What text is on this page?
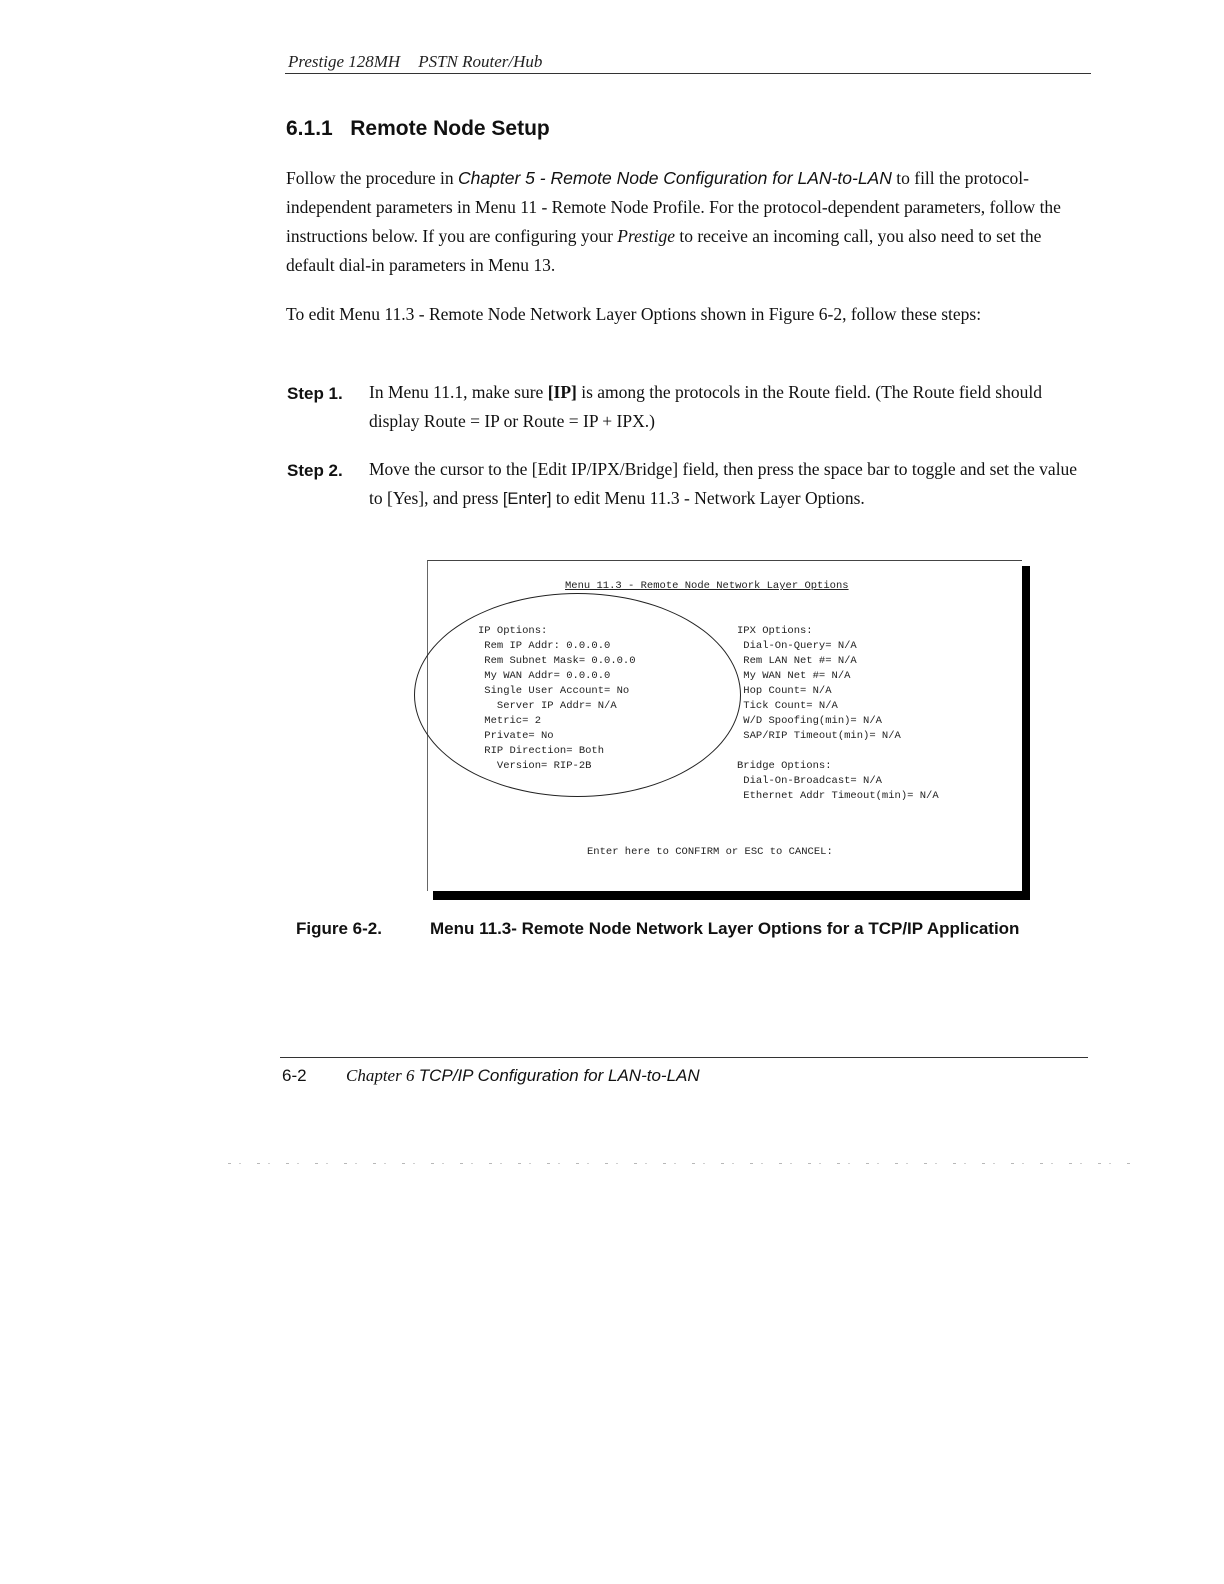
Prestige 128MH PSTN Router/Hub
6.1.1 Remote Node Setup
Follow the procedure in Chapter 5 - Remote Node Configuration for LAN-to-LAN to fill the protocol-independent parameters in Menu 11 - Remote Node Profile. For the protocol-dependent parameters, follow the instructions below. If you are configuring your Prestige to receive an incoming call, you also need to set the default dial-in parameters in Menu 13.
To edit Menu 11.3 - Remote Node Network Layer Options shown in Figure 6-2, follow these steps:
Step 1. In Menu 11.1, make sure [IP] is among the protocols in the Route field. (The Route field should display Route = IP or Route = IP + IPX.)
Step 2. Move the cursor to the [Edit IP/IPX/Bridge] field, then press the space bar to toggle and set the value to [Yes], and press [Enter] to edit Menu 11.3 - Network Layer Options.
Menu 11.3 - Remote Node Network Layer Options
IP Options:
Rem IP Addr: 0.0.0.0
Rem Subnet Mask= 0.0.0.0
My WAN Addr= 0.0.0.0
Single User Account= No
Server IP Addr= N/A
Metric= 2
Private= No
RIP Direction= Both
Version= RIP-2B
IPX Options:
Dial-On-Query= N/A
Rem LAN Net #= N/A
My WAN Net #= N/A
Hop Count= N/A
Tick Count= N/A
W/D Spoofing(min)= N/A
SAP/RIP Timeout(min)= N/A

Bridge Options:
Dial-On-Broadcast= N/A
Ethernet Addr Timeout(min)= N/A
Enter here to CONFIRM or ESC to CANCEL:
Figure 6-2.	Menu 11.3- Remote Node Network Layer Options for a TCP/IP Application
6-2 Chapter 6 TCP/IP Configuration for LAN-to-LAN
